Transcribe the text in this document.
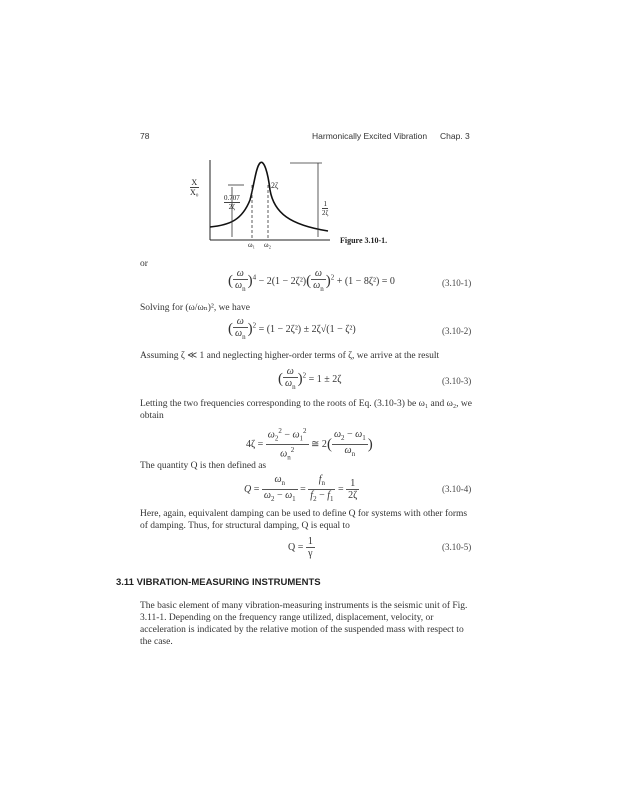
78	Harmonically Excited Vibration Chap. 3
$\frac{X}{\text{X₀}}$
$\frac{0.707}{2\zeta}$
2ζ
$\frac{1}{2\zeta}$
ω₁ ω₂	Figure 3.10-1.
or
( $\frac{\omega}{\omega_n} )^4 - 2(1 - 2\zeta^2)( \frac{\omega}{\omega_n} )^2 + (1 - 8\zeta^2) = 0$	(3.10-1)
Solving for (ω/ωₙ)², we have
( $\frac{\omega}{\omega_n} )^2 = (1 - 2\zeta^2) \pm 2\zeta√(1 - \zeta^2)$	(3.10-2)
Assuming ζ ≪ 1 and neglecting higher-order terms of ζ, we arrive at the result
( $\frac{\omega}{\omega_n} )^2 = 1 \pm 2\zeta$	(3.10-3)
Letting the two frequencies corresponding to the roots of Eq. (3.10-3) be ω₁ and ω₂, we obtain
$4\zeta = \frac{\omega_2^2 - \omega_1^2}{\omega_n^2}$ ≅ $2( \frac{\omega_2 - \omega_1}{\omega_n}$ )
The quantity Q is then defined as
$Q = \frac{\omega_n}{\omega_2 - \omega_1} = \frac{f_n}{f_2 - f_1} = \frac{1}{2\zeta}$	(3.10-4)
Here, again, equivalent damping can be used to define Q for systems with other forms of damping. Thus, for structural damping, Q is equal to
$Q = \frac{1}{\gamma}$	(3.10-5)
3.11 VIBRATION-MEASURING INSTRUMENTS
The basic element of many vibration-measuring instruments is the seismic unit of Fig. 3.11-1. Depending on the frequency range utilized, displacement, velocity, or acceleration is indicated by the relative motion of the suspended mass with respect to the case.
